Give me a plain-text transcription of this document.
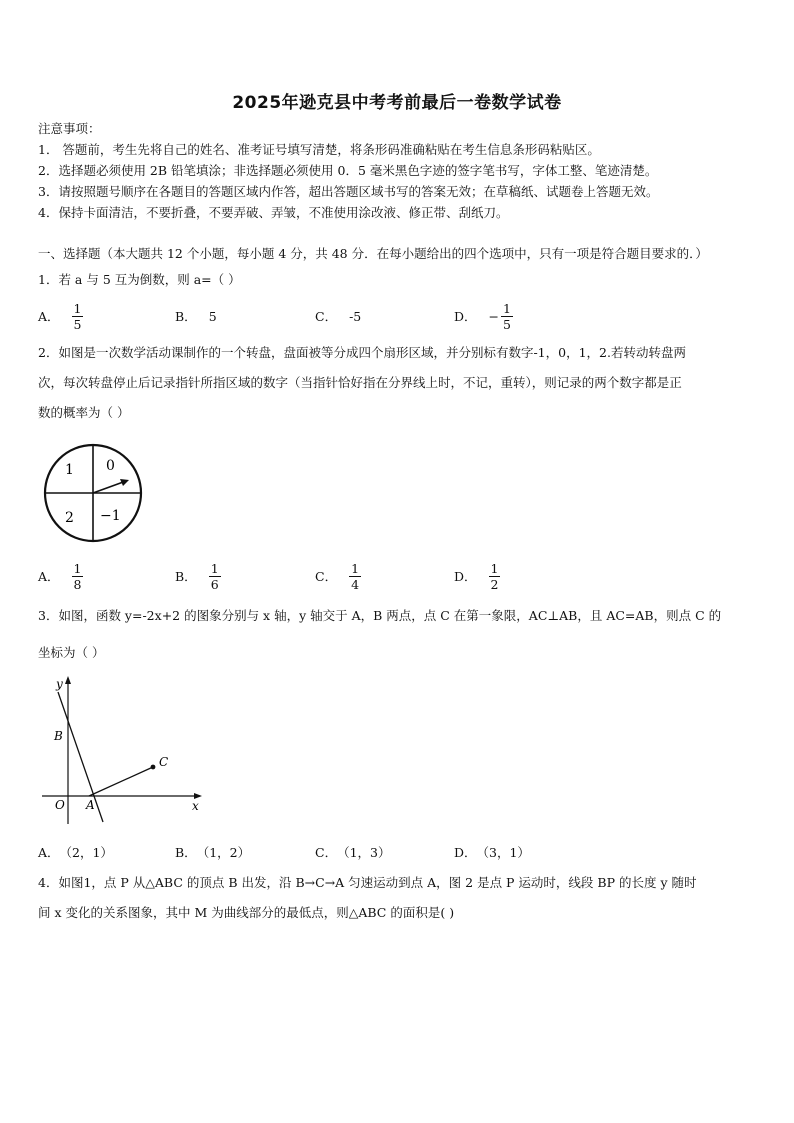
2025年逊克县中考考前最后一卷数学试卷
注意事项：
1． 答题前，考生先将自己的姓名、准考证号填写清楚，将条形码准确粘贴在考生信息条形码粘贴区。
2．选择题必须使用 2B 铅笔填涂；非选择题必须使用 0．5 毫米黑色字迹的签字笔书写，字体工整、笔迹清楚。
3．请按照题号顺序在各题目的答题区域内作答，超出答题区域书写的答案无效；在草稿纸、试题卷上答题无效。
4．保持卡面清洁，不要折叠，不要弄破、弄皱，不准使用涂改液、修正带、刮纸刀。
一、选择题（本大题共 12 个小题，每小题 4 分，共 48 分．在每小题给出的四个选项中，只有一项是符合题目要求的．）
1．若 a 与 5 互为倒数，则 a=（ ）
A． $\frac{1}{5}$	B． 5	C． -5	D． − $\frac{1}{5}$
2．如图是一次数学活动课制作的一个转盘，盘面被等分成四个扇形区域，并分别标有数字-1，0，1，2.若转动转盘两
次，每次转盘停止后记录指针所指区域的数字（当指针恰好指在分界线上时，不记，重转），则记录的两个数字都是正
数的概率为（ ）
1 0
2 −1
A． $\frac{1}{8}$	B． $\frac{1}{6}$	C． $\frac{1}{4}$	D． $\frac{1}{2}$
3．如图，函数 y=-2x+2 的图象分别与 x 轴，y 轴交于 A，B 两点，点 C 在第一象限，AC⊥AB，且 AC=AB，则点 C 的
坐标为（ ）
y
x
O A
B
C
A． （2，1）	B． （1，2）	C． （1，3）	D． （3，1）
4．如图1，点 P 从△ABC 的顶点 B 出发，沿 B→C→A 匀速运动到点 A，图 2 是点 P 运动时，线段 BP 的长度 y 随时
间 x 变化的关系图象，其中 M 为曲线部分的最低点，则△ABC 的面积是( )
